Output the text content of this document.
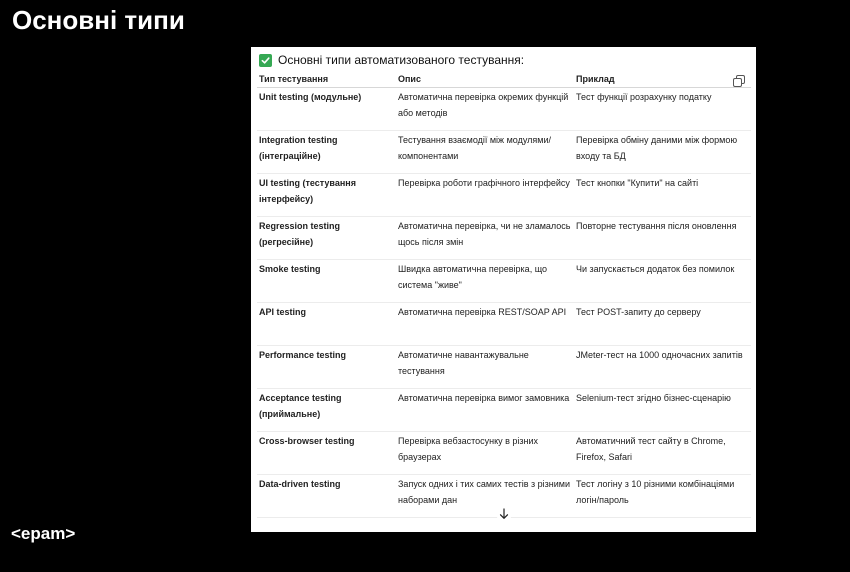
Основні типи
Основні типи автоматизованого тестування:
Тип тестування	Опис	Приклад
Unit testing (модульне)	Автоматична перевірка окремих функцій або методів	Тест функції розрахунку податку
Integration testing (інтеграційне)	Тестування взаємодії між модулями/ компонентами	Перевірка обміну даними між формою входу та БД
UI testing (тестування інтерфейсу)	Перевірка роботи графічного інтерфейсу	Тест кнопки "Купити" на сайті
Regression testing (регресійне)	Автоматична перевірка, чи не зламалось щось після змін	Повторне тестування після оновлення
Smoke testing	Швидка автоматична перевірка, що система "живе"	Чи запускається додаток без помилок
API testing	Автоматична перевірка REST/SOAP API	Тест POST-запиту до серверу
Performance testing	Автоматичне навантажувальне тестування	JMeter-тест на 1000 одночасних запитів
Acceptance testing (приймальне)	Автоматична перевірка вимог замовника	Selenium-тест згідно бізнес-сценарію
Cross-browser testing	Перевірка вебзастосунку в різних браузерах	Автоматичний тест сайту в Chrome, Firefox, Safari
Data-driven testing	Запуск одних і тих самих тестів з різними наборами дан	Тест логіну з 10 різними комбінаціями логін/пароль
<epam>
